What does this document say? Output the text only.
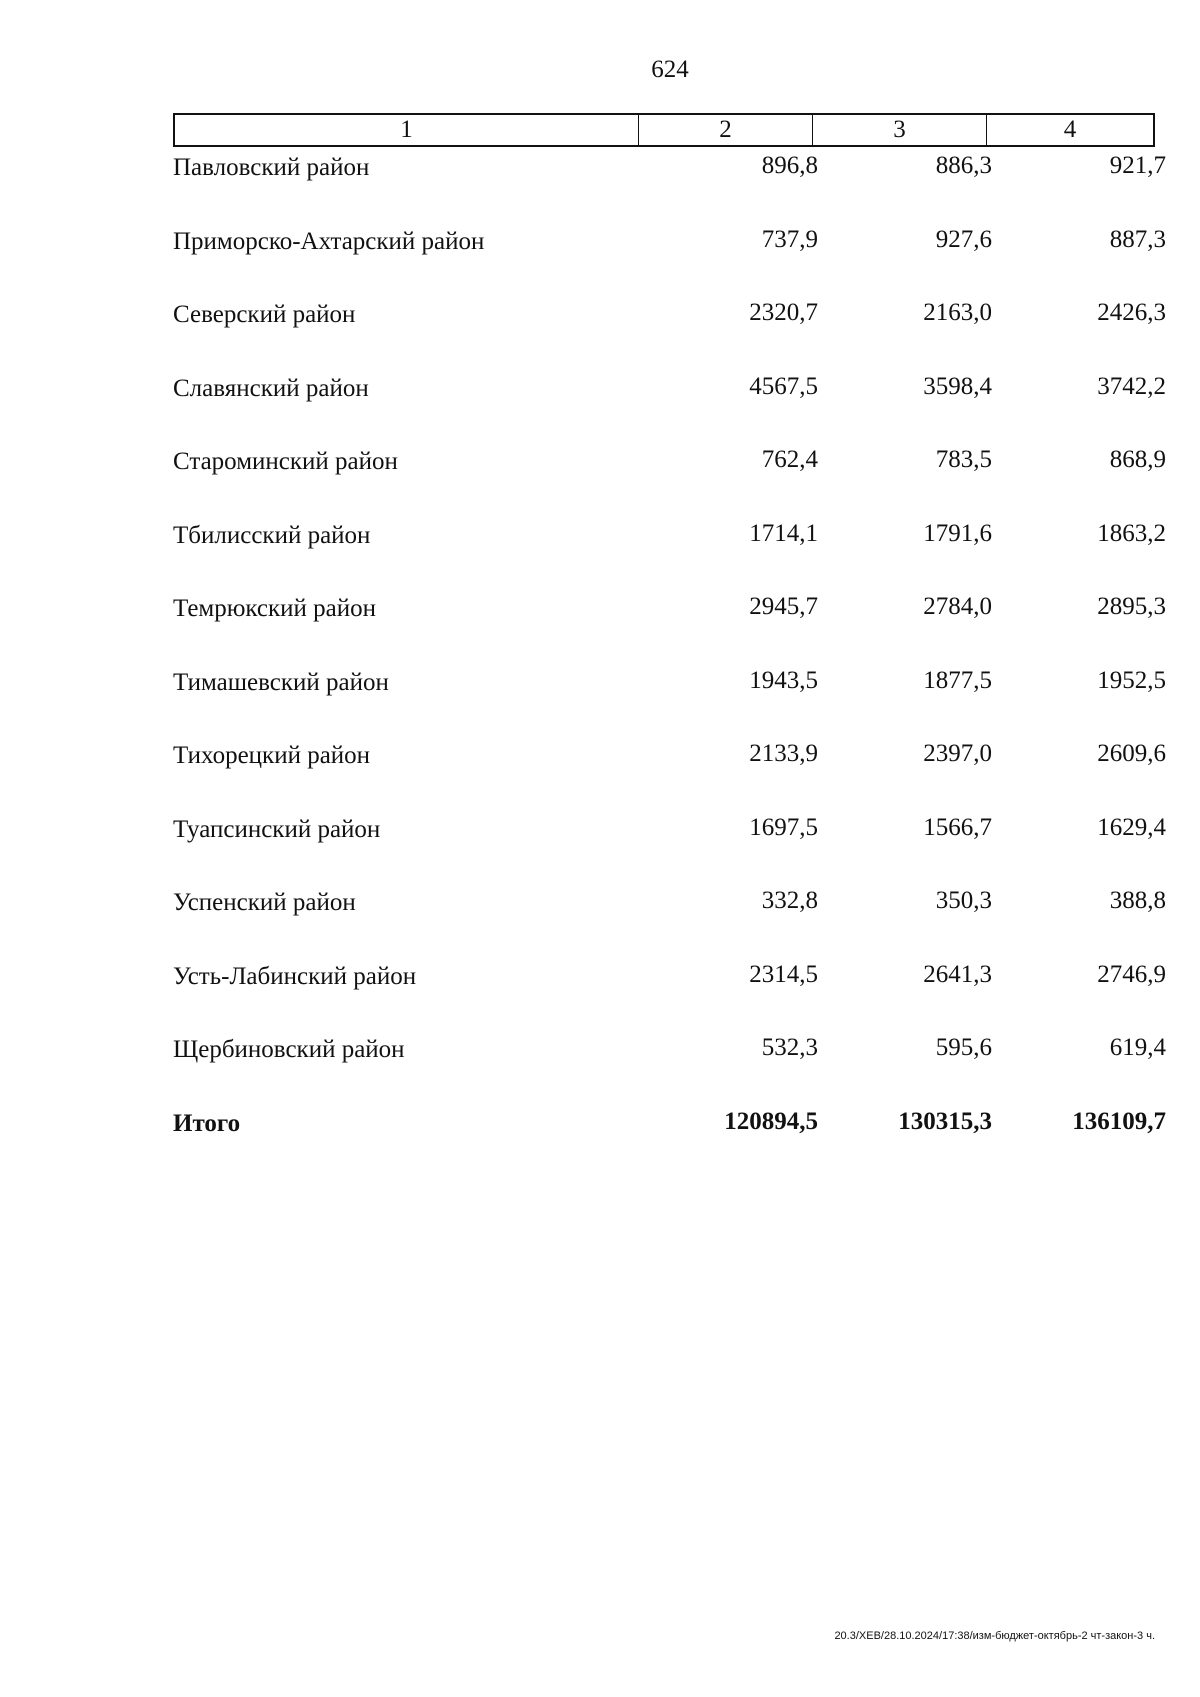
624
1	2	3	4
Павловский район	896,8	886,3	921,7
Приморско-Ахтарский район	737,9	927,6	887,3
Северский район	2320,7	2163,0	2426,3
Славянский район	4567,5	3598,4	3742,2
Староминский район	762,4	783,5	868,9
Тбилисский район	1714,1	1791,6	1863,2
Темрюкский район	2945,7	2784,0	2895,3
Тимашевский район	1943,5	1877,5	1952,5
Тихорецкий район	2133,9	2397,0	2609,6
Туапсинский район	1697,5	1566,7	1629,4
Успенский район	332,8	350,3	388,8
Усть-Лабинский район	2314,5	2641,3	2746,9
Щербиновский район	532,3	595,6	619,4
Итого	120894,5	130315,3	136109,7
20.3/ХЕВ/28.10.2024/17:38/изм-бюджет-октябрь-2 чт-закон-3 ч.
